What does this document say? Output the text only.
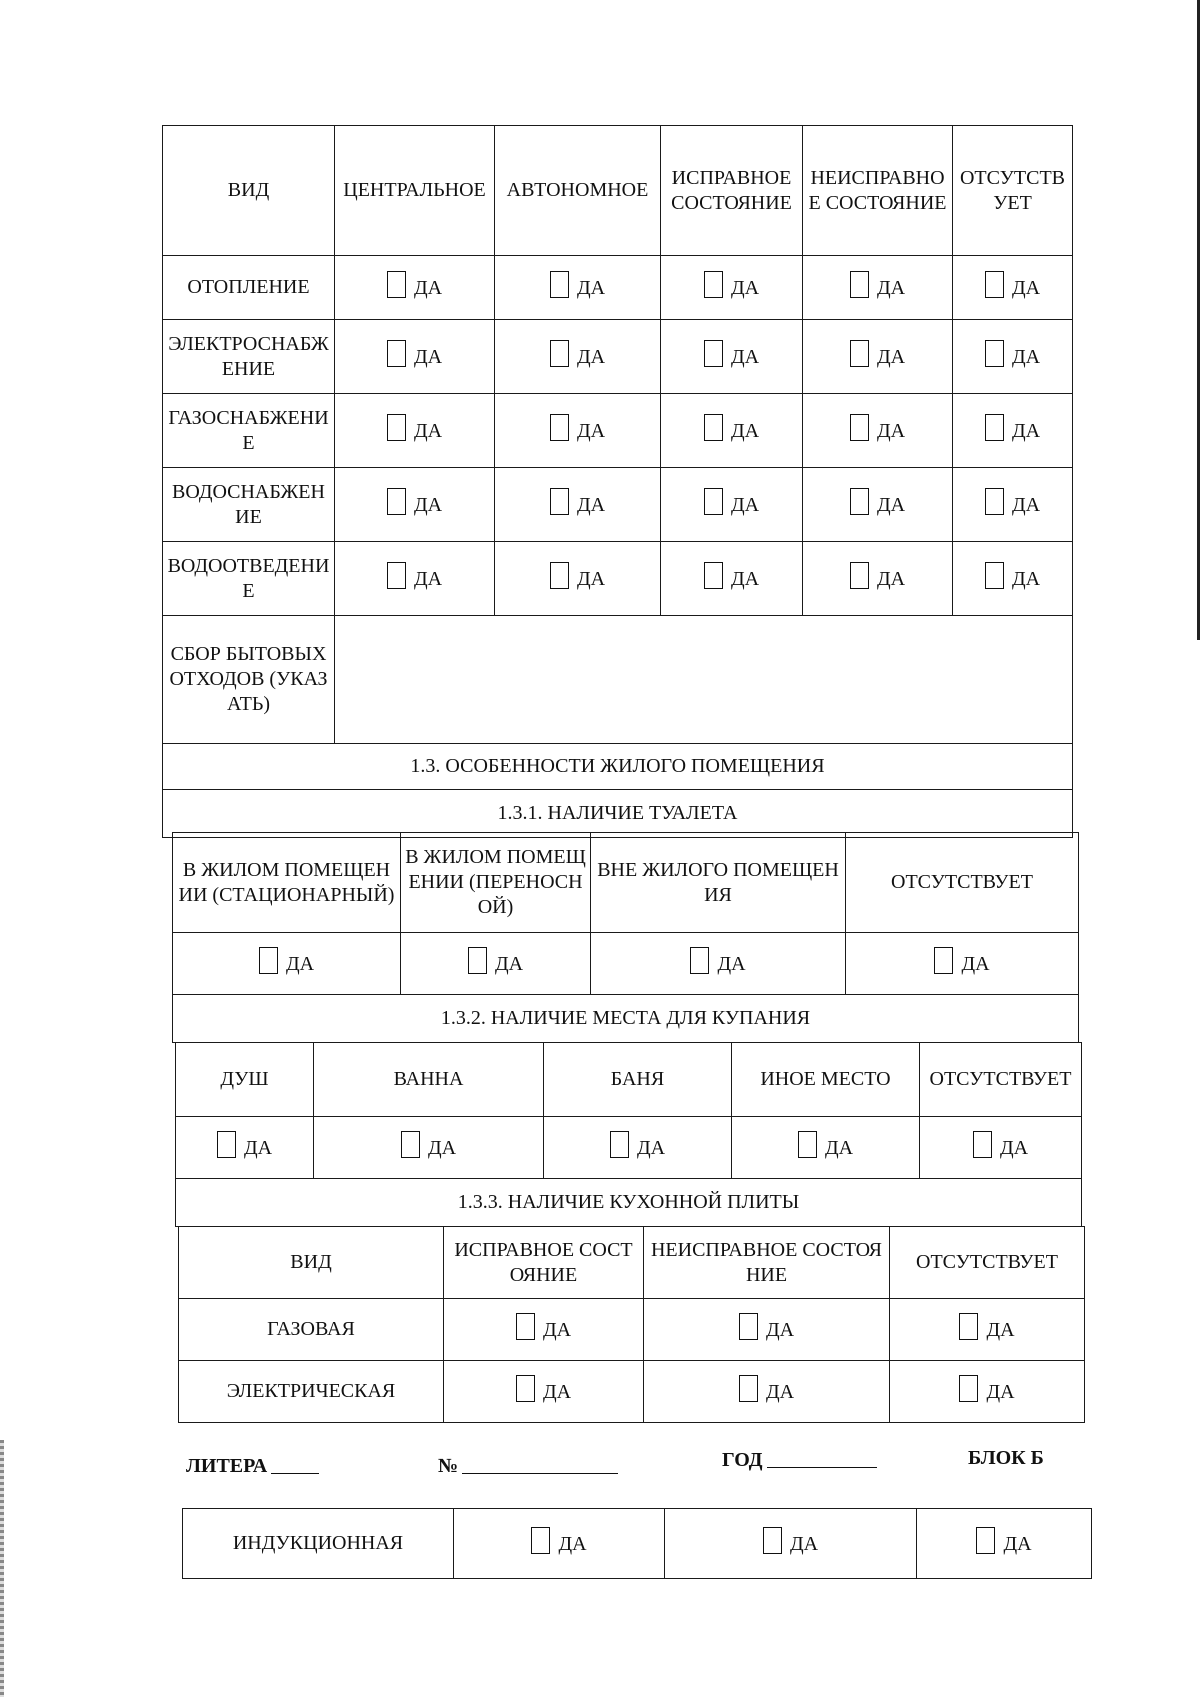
ВИД	ЦЕНТРАЛЬНОЕ	АВТОНОМНОЕ	ИСПРАВНОЕ СОСТОЯНИЕ	НЕИСПРАВНОЕ СОСТОЯНИЕ	ОТСУТСТВУЕТ
ОТОПЛЕНИЕ	ДА	ДА	ДА	ДА	ДА

ЭЛЕКТРОСНАБЖЕНИЕ	ДА	ДА	ДА	ДА	ДА

ГАЗОСНАБЖЕНИЕ	ДА	ДА	ДА	ДА	ДА

ВОДОСНАБЖЕНИЕ	ДА	ДА	ДА	ДА	ДА

ВОДООТВЕДЕНИЕ	ДА	ДА	ДА	ДА	ДА

СБОР БЫТОВЫХ ОТХОДОВ (УКАЗАТЬ)					
1.3. ОСОБЕННОСТИ ЖИЛОГО ПОМЕЩЕНИЯ					
1.3.1. НАЛИЧИЕ ТУАЛЕТА					
В ЖИЛОМ ПОМЕЩЕНИИ (СТАЦИОНАРНЫЙ)	В ЖИЛОМ ПОМЕЩЕНИИ (ПЕРЕНОСНОЙ)	ВНЕ ЖИЛОГО ПОМЕЩЕНИЯ	ОТСУТСТВУЕТ

ДА	ДА	ДА	ДА

1.3.2. НАЛИЧИЕ МЕСТА ДЛЯ КУПАНИЯ			
ДУШ	ВАННА	БАНЯ	ИНОЕ МЕСТО	ОТСУТСТВУЕТ

ДА	ДА	ДА	ДА	ДА

1.3.3. НАЛИЧИЕ КУХОННОЙ ПЛИТЫ				
ВИД	ИСПРАВНОЕ СОСТОЯНИЕ	НЕИСПРАВНОЕ СОСТОЯНИЕ	ОТСУТСТВУЕТ
ГАЗОВАЯ	ДА	ДА	ДА

ЭЛЕКТРИЧЕСКАЯ	ДА	ДА	ДА
ЛИТЕРА	№	ГОД	БЛОК Б
ИНДУКЦИОННАЯ	ДА	ДА	ДА
